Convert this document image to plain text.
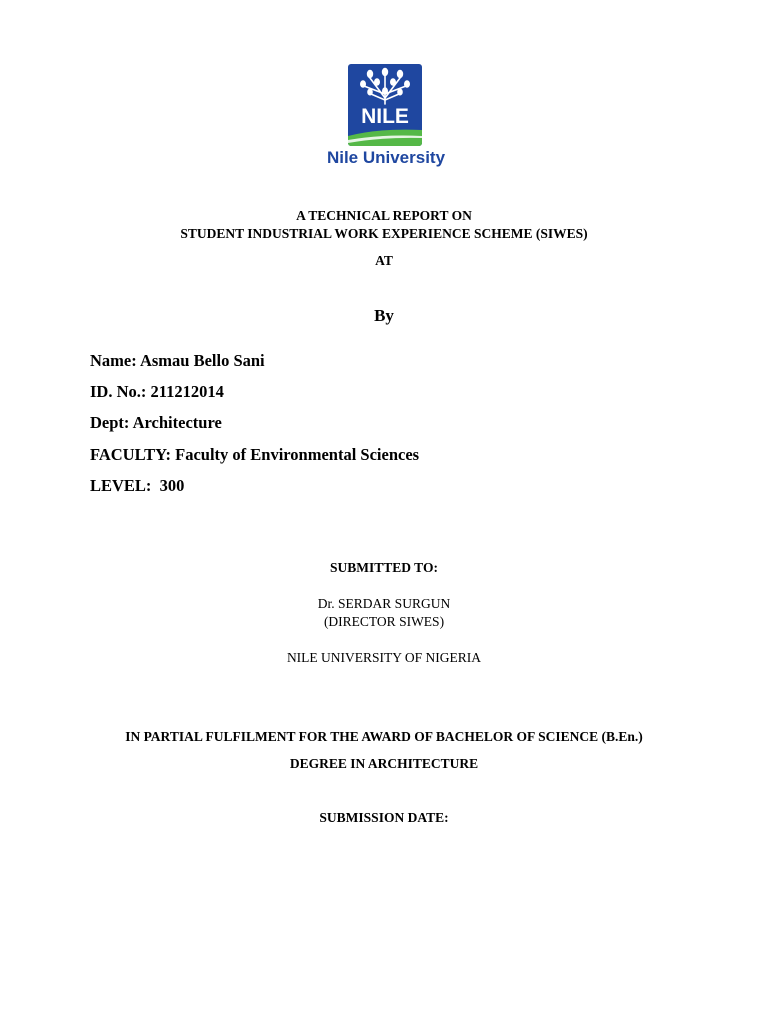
NILE
Nile University
A TECHNICAL REPORT ON
STUDENT INDUSTRIAL WORK EXPERIENCE SCHEME (SIWES)
AT
By
Name: Asmau Bello Sani
ID. No.: 211212014
Dept: Architecture
FACULTY: Faculty of Environmental Sciences
LEVEL:  300
SUBMITTED TO:
Dr. SERDAR SURGUN
(DIRECTOR SIWES)
NILE UNIVERSITY OF NIGERIA
IN PARTIAL FULFILMENT FOR THE AWARD OF BACHELOR OF SCIENCE (B.En.)
DEGREE IN ARCHITECTURE
SUBMISSION DATE:
